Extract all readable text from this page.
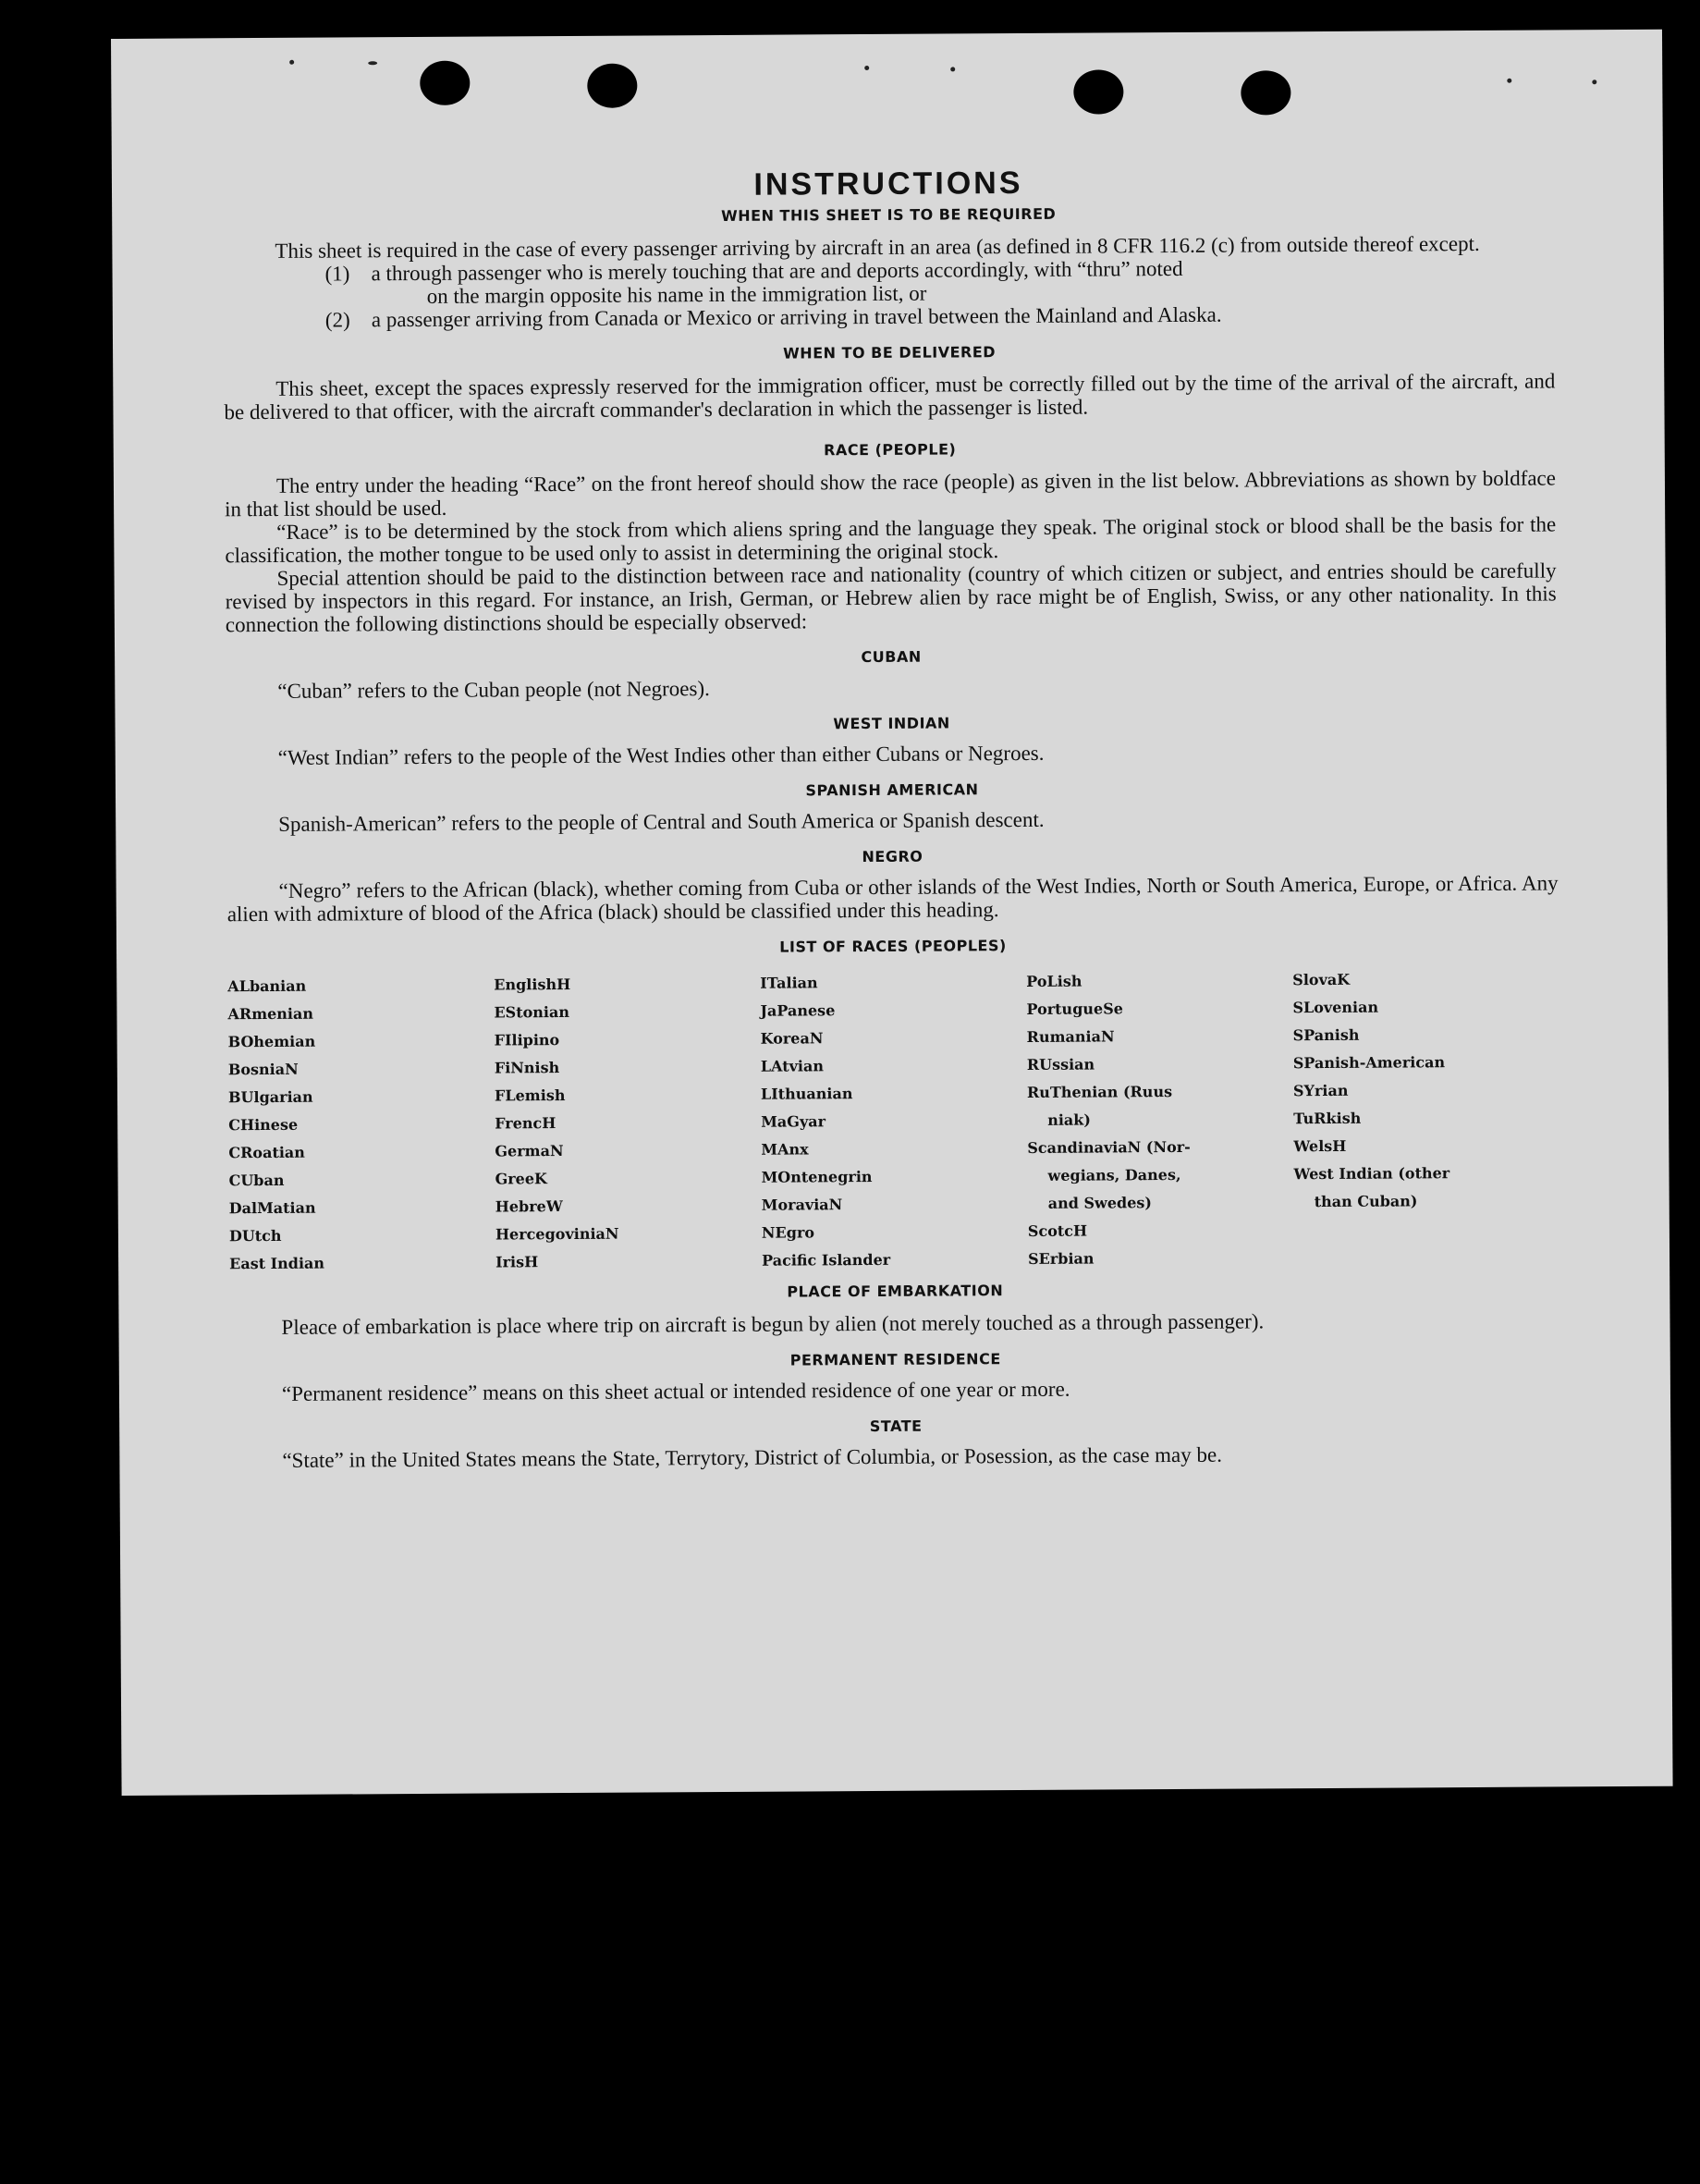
INSTRUCTIONS
WHEN THIS SHEET IS TO BE REQUIRED

This sheet is required in the case of every passenger arriving by aircraft in an area (as defined in 8 CFR 116.2 (c) from outside thereof except.

(1) a through passenger who is merely touching that are and deports accordingly, with “thru” noted
on the margin opposite his name in the immigration list, or

(2) a passenger arriving from Canada or Mexico or arriving in travel between the Mainland and Alaska.

WHEN TO BE DELIVERED

This sheet, except the spaces expressly reserved for the immigration officer, must be correctly filled out by the time of the arrival of the aircraft, and be delivered to that officer, with the aircraft commander's declaration in which the passenger is listed.

RACE (PEOPLE)

The entry under the heading “Race” on the front hereof should show the race (people) as given in the list below. Abbreviations as shown by boldface in that list should be used.

“Race” is to be determined by the stock from which aliens spring and the language they speak. The original stock or blood shall be the basis for the classification, the mother tongue to be used only to assist in determining the original stock.

Special attention should be paid to the distinction between race and nationality (country of which citizen or subject, and entries should be carefully revised by inspectors in this regard. For instance, an Irish, German, or Hebrew alien by race might be of English, Swiss, or any other nationality. In this connection the following distinctions should be especially observed:

CUBAN

“Cuban” refers to the Cuban people (not Negroes).

WEST INDIAN

“West Indian” refers to the people of the West Indies other than either Cubans or Negroes.

SPANISH AMERICAN

Spanish-American” refers to the people of Central and South America or Spanish descent.

NEGRO

“Negro” refers to the African (black), whether coming from Cuba or other islands of the West Indies, North or South America, Europe, or Africa. Any alien with admixture of blood of the Africa (black) should be classified under this heading.

LIST OF RACES (PEOPLES)
ALbanian
ARmenian
BOhemian
BosniaN
BUlgarian
CHinese
CRoatian
CUban
DalMatian
DUtch
East Indian
EnglishH
EStonian
FIlipino
FiNnish
FLemish
FrencH
GermaN
GreeK
HebreW
HercegoviniaN
IrisH
ITalian
JaPanese
KoreaN
LAtvian
LIthuanian
MaGyar
MAnx
MOntenegrin
MoraviaN
NEgro
Pacific Islander
PoLish
PortugueSe
RumaniaN
RUssian
RuThenian (Ruus
niak)
ScandinaviaN (Nor-
wegians, Danes,
and Swedes)
ScotcH
SErbian
SlovaK
SLovenian
SPanish
SPanish-American
SYrian
TuRkish
WelsH
West Indian (other
than Cuban)
PLACE OF EMBARKATION

Pleace of embarkation is place where trip on aircraft is begun by alien (not merely touched as a through passenger).

PERMANENT RESIDENCE

“Permanent residence” means on this sheet actual or intended residence of one year or more.

STATE

“State” in the United States means the State, Terrytory, District of Columbia, or Posession, as the case may be.
